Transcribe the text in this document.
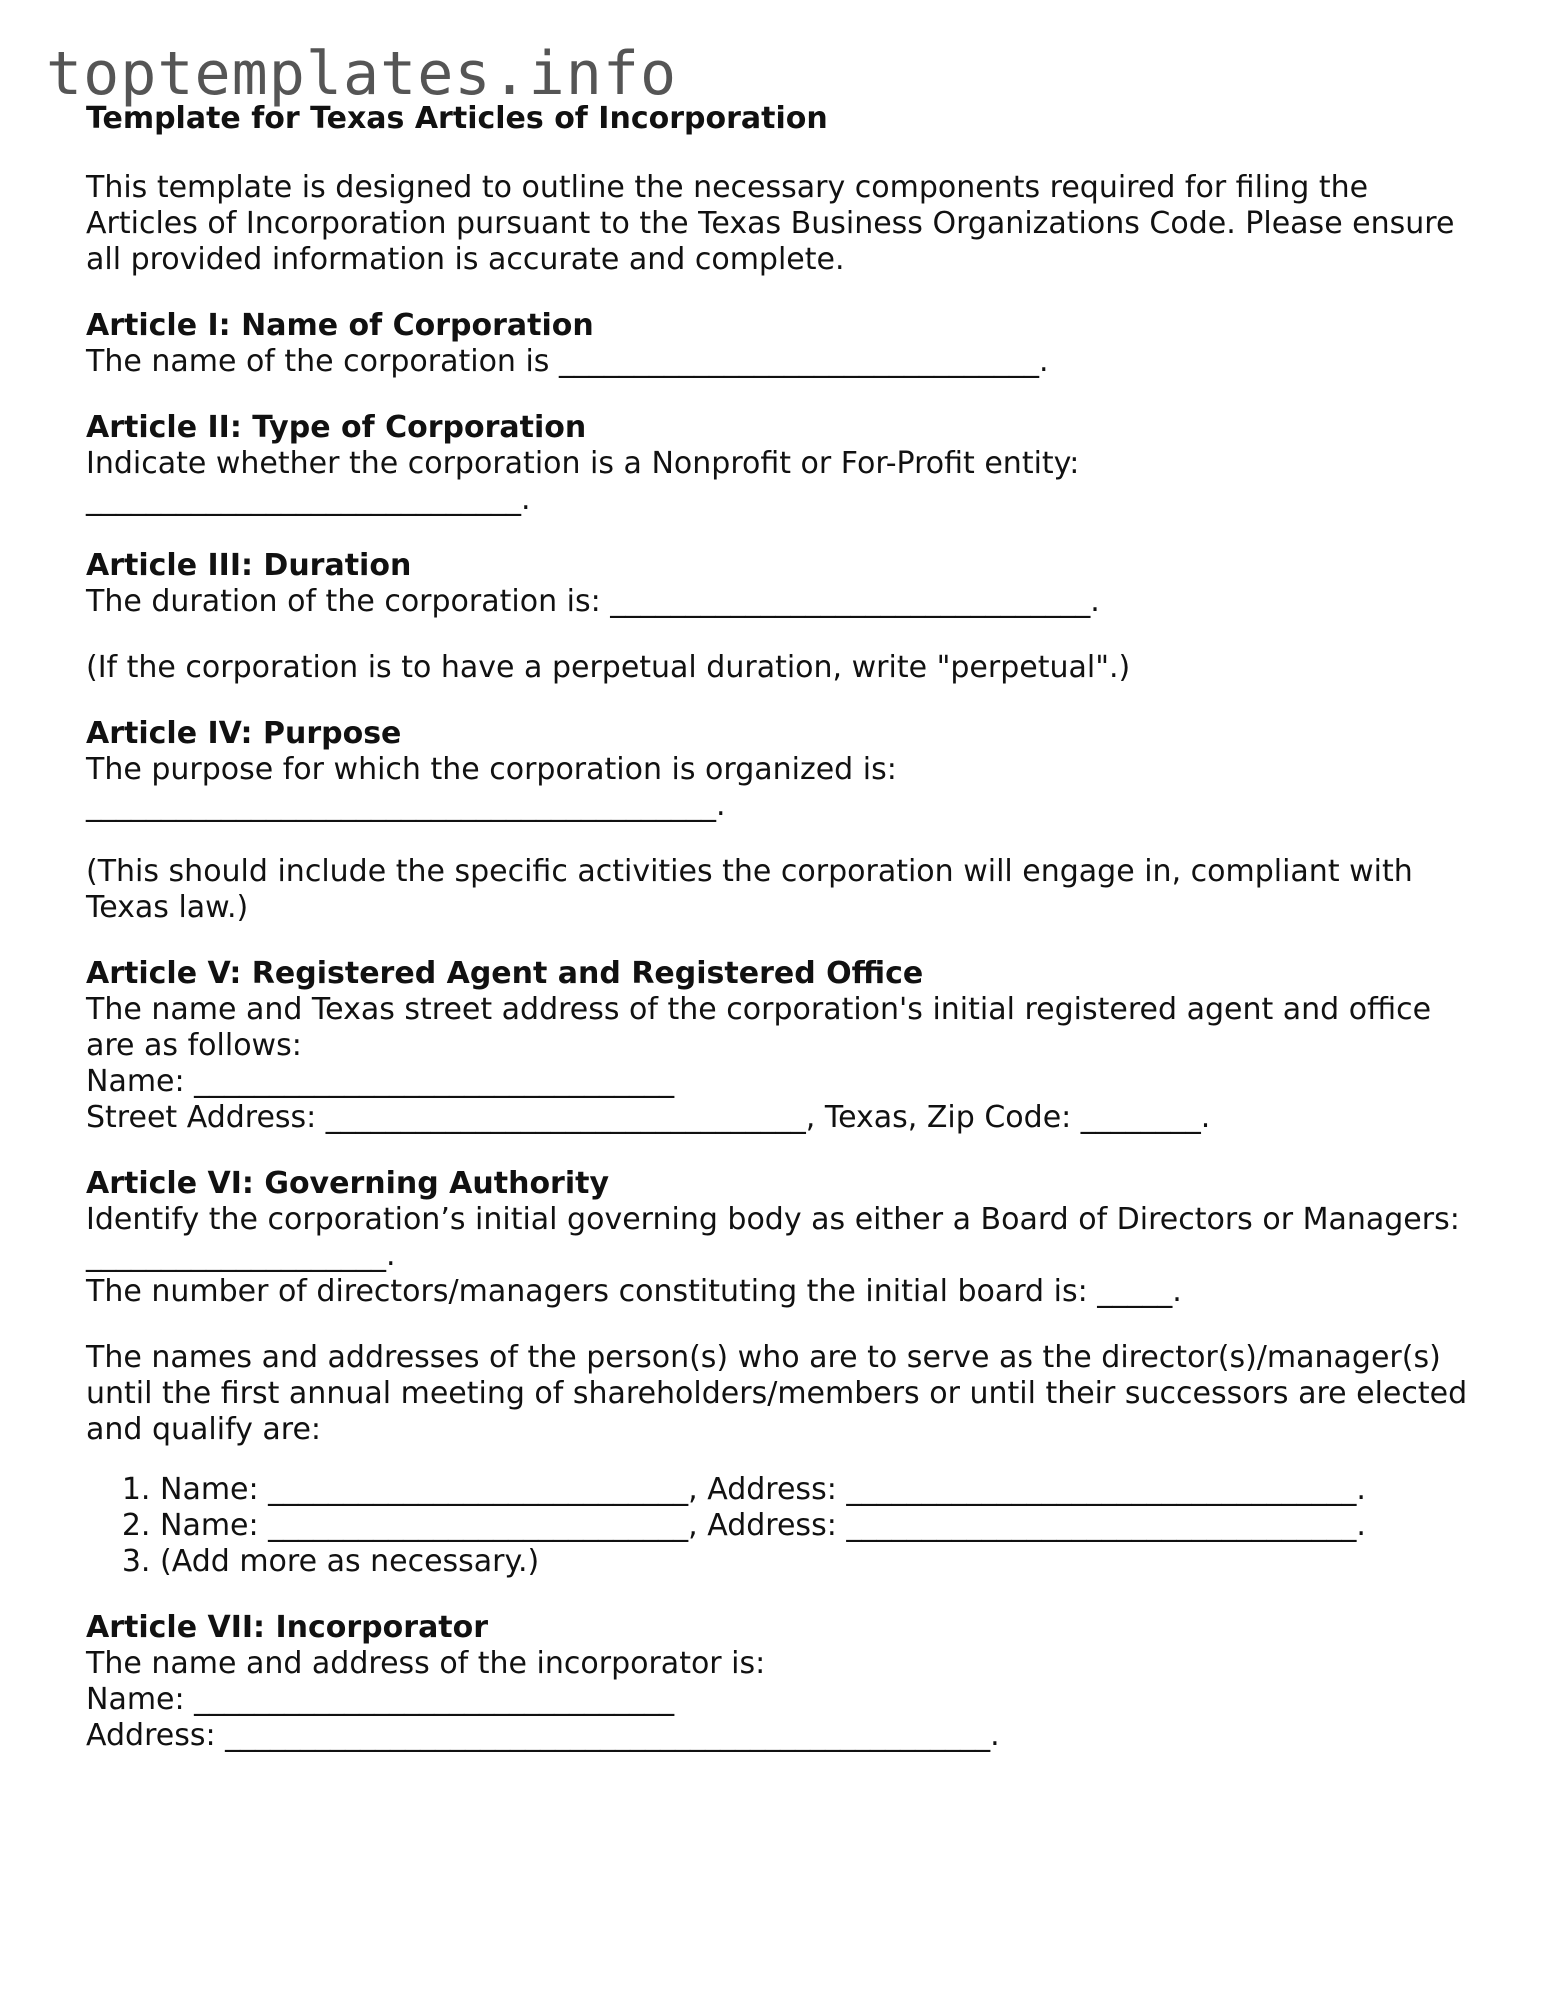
toptemplates.info

Template for Texas Articles of Incorporation

This template is designed to outline the necessary components required for filing the Articles of Incorporation pursuant to the Texas Business Organizations Code. Please ensure all provided information is accurate and complete.

Article I: Name of Corporation

The name of the corporation is ________________________________.

Article II: Type of Corporation

Indicate whether the corporation is a Nonprofit or For-Profit entity:

_____________________________.

Article III: Duration

The duration of the corporation is: ________________________________.

(If the corporation is to have a perpetual duration, write "perpetual".)

Article IV: Purpose

The purpose for which the corporation is organized is:

__________________________________________.

(This should include the specific activities the corporation will engage in, compliant with Texas law.)

Article V: Registered Agent and Registered Office

The name and Texas street address of the corporation's initial registered agent and office are as follows:

Name: ________________________________

Street Address: ________________________________, Texas, Zip Code: ________.

Article VI: Governing Authority

Identify the corporation’s initial governing body as either a Board of Directors or Managers: ____________________.

The number of directors/managers constituting the initial board is: _____.

The names and addresses of the person(s) who are to serve as the director(s)/manager(s) until the first annual meeting of shareholders/members or until their successors are elected and qualify are:

1. Name: ____________________________, Address: __________________________________.
2. Name: ____________________________, Address: __________________________________.
3. (Add more as necessary.)
Article VII: Incorporator

The name and address of the incorporator is:

Name: ________________________________

Address: ___________________________________________________.
